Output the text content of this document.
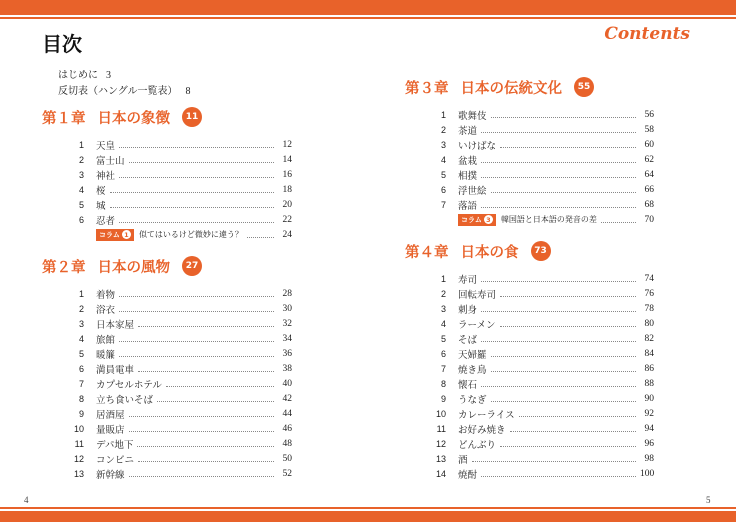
目次	Contents
はじめに 3
反切表（ハングル一覧表） 8
第１章 日本の象徴	11
1 天皇	12
2 富士山	14
3 神社	16
4 桜	18
5 城	20
6 忍者	22
コラム 1 似てはいるけど微妙に違う？	24
第２章 日本の風物	27
1 着物	28
2 浴衣	30
3 日本家屋	32
4 旅館	34
5 暖簾	36
6 満員電車	38
7 カプセルホテル	40
8 立ち食いそば	42
9 居酒屋	44
10 量販店	46
11 デパ地下	48
12 コンビニ	50
13 新幹線	52
第３章 日本の伝統文化	55
1 歌舞伎	56
2 茶道	58
3 いけばな	60
4 盆栽	62
5 相撲	64
6 浮世絵	66
7 落語	68
コラム 3 韓国語と日本語の発音の差	70
第４章 日本の食	73
1 寿司	74
2 回転寿司	76
3 刺身	78
4 ラーメン	80
5 そば	82
6 天婦羅	84
7 焼き鳥	86
8 懐石	88
9 うなぎ	90
10 カレーライス	92
11 お好み焼き	94
12 どんぶり	96
13 酒	98
14 焼酎	100
4	5
